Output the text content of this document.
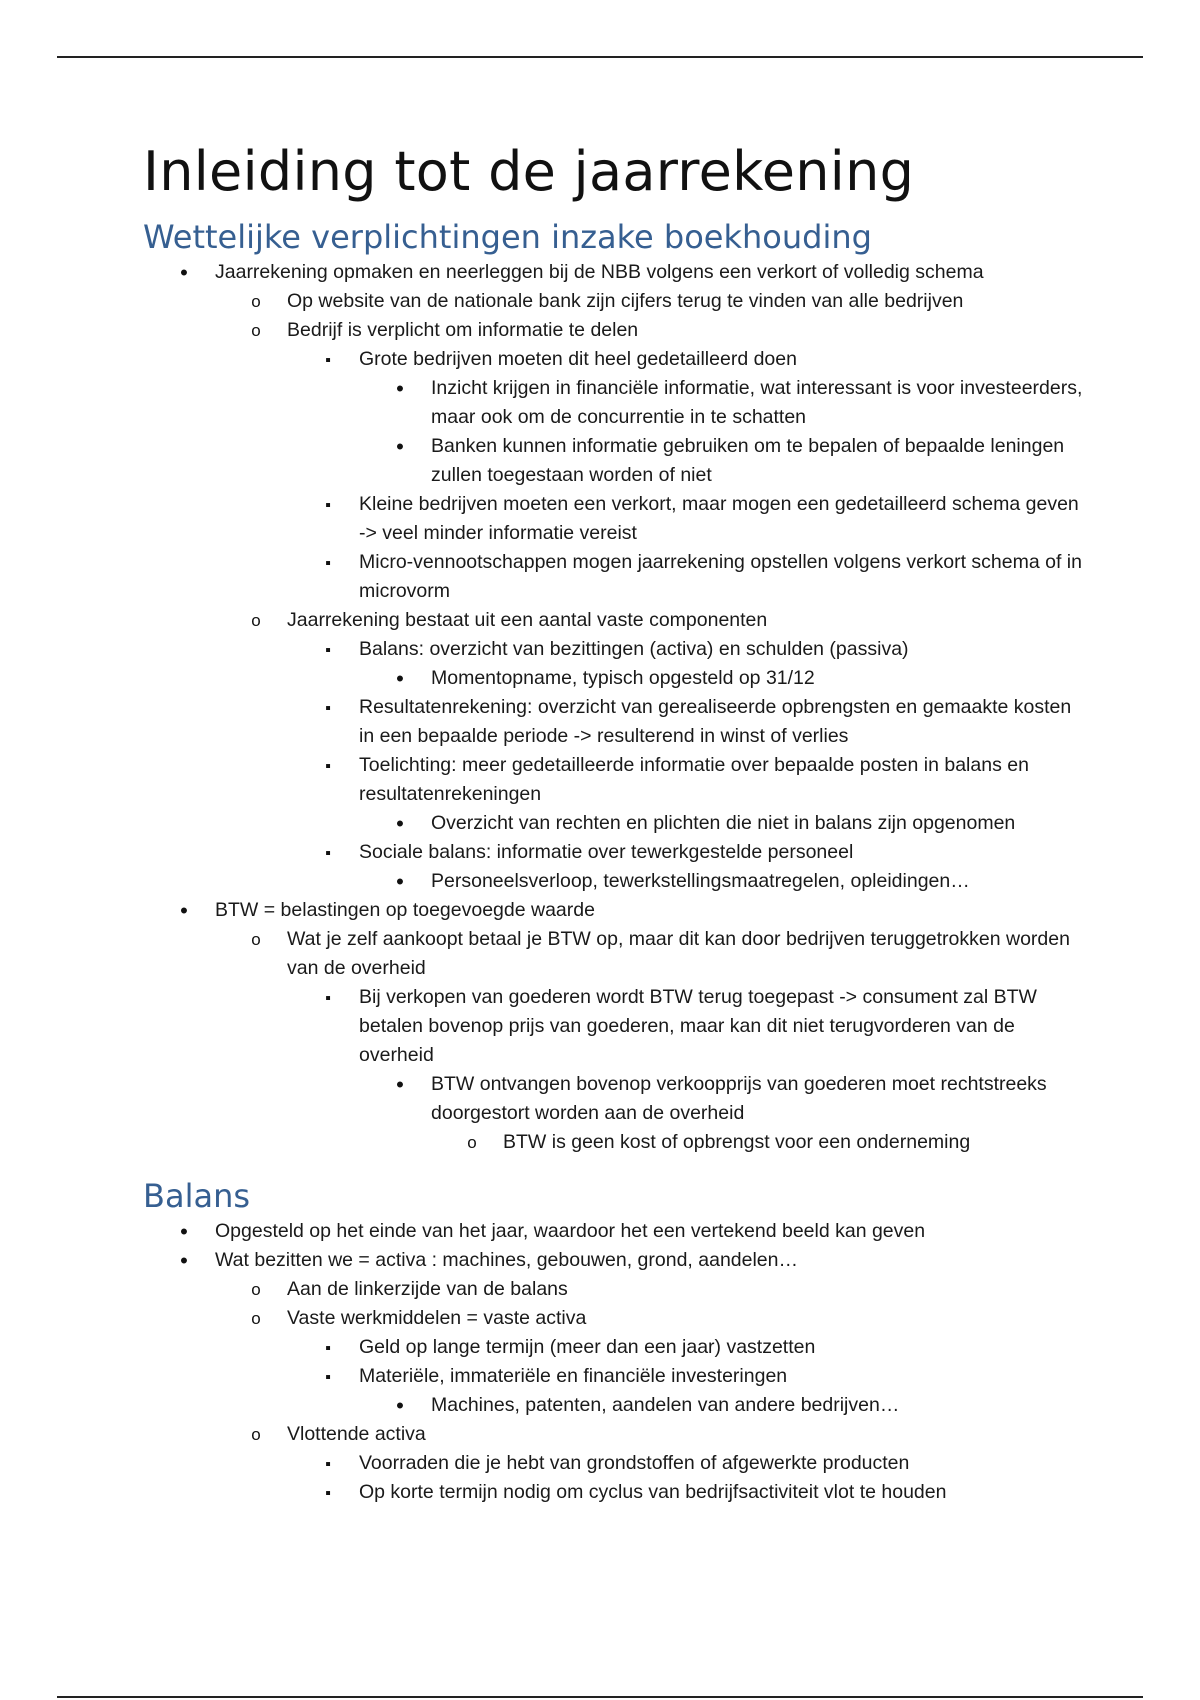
Inleiding tot de jaarrekening
Wettelijke verplichtingen inzake boekhouding
•
Jaarrekening opmaken en neerleggen bij de NBB volgens een verkort of volledig schema
o
Op website van de nationale bank zijn cijfers terug te vinden van alle bedrijven
o
Bedrijf is verplicht om informatie te delen
▪
Grote bedrijven moeten dit heel gedetailleerd doen
•
Inzicht krijgen in financiële informatie, wat interessant is voor investeerders, maar ook om de concurrentie in te schatten
•
Banken kunnen informatie gebruiken om te bepalen of bepaalde leningen zullen toegestaan worden of niet
▪
Kleine bedrijven moeten een verkort, maar mogen een gedetailleerd schema geven -> veel minder informatie vereist
▪
Micro-vennootschappen mogen jaarrekening opstellen volgens verkort schema of in microvorm
o
Jaarrekening bestaat uit een aantal vaste componenten
▪
Balans: overzicht van bezittingen (activa) en schulden (passiva)
•
Momentopname, typisch opgesteld op 31/12
▪
Resultatenrekening: overzicht van gerealiseerde opbrengsten en gemaakte kosten in een bepaalde periode -> resulterend in winst of verlies
▪
Toelichting: meer gedetailleerde informatie over bepaalde posten in balans en resultatenrekeningen
•
Overzicht van rechten en plichten die niet in balans zijn opgenomen
▪
Sociale balans: informatie over tewerkgestelde personeel
•
Personeelsverloop, tewerkstellingsmaatregelen, opleidingen…
•
BTW = belastingen op toegevoegde waarde
o
Wat je zelf aankoopt betaal je BTW op, maar dit kan door bedrijven teruggetrokken worden van de overheid
▪
Bij verkopen van goederen wordt BTW terug toegepast -> consument zal BTW betalen bovenop prijs van goederen, maar kan dit niet terugvorderen van de overheid
•
BTW ontvangen bovenop verkoopprijs van goederen moet rechtstreeks doorgestort worden aan de overheid
o
BTW is geen kost of opbrengst voor een onderneming
Balans
•
Opgesteld op het einde van het jaar, waardoor het een vertekend beeld kan geven
•
Wat bezitten we = activa : machines, gebouwen, grond, aandelen…
o
Aan de linkerzijde van de balans
o
Vaste werkmiddelen = vaste activa
▪
Geld op lange termijn (meer dan een jaar) vastzetten
▪
Materiële, immateriële en financiële investeringen
•
Machines, patenten, aandelen van andere bedrijven…
o
Vlottende activa
▪
Voorraden die je hebt van grondstoffen of afgewerkte producten
▪
Op korte termijn nodig om cyclus van bedrijfsactiviteit vlot te houden
